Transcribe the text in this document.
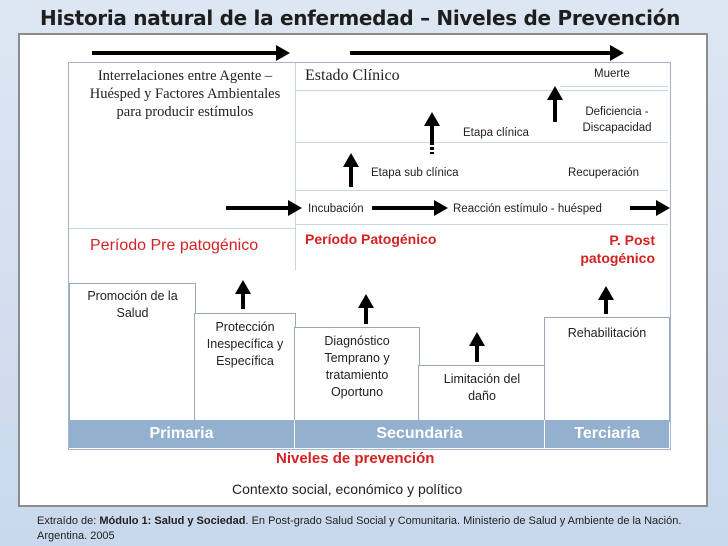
Historia natural de la enfermedad – Niveles de Prevención
Interrelaciones entre Agente – Huésped y Factores Ambientales para producir estímulos
Estado Clínico	Muerte
Deficiencia - Discapacidad
Etapa clínica
Etapa sub clínica	Recuperación
Incubación	Reacción estímulo - huésped
Período Pre patogénico	Período Patogénico	P. Post patogénico
Promoción de la Salud
Protección Inespecífica y Específica
Diagnóstico Temprano y tratamiento Oportuno
Limitación del daño
Rehabilitación
Primaria	Secundaria	Terciaria
Niveles de prevención
Contexto social, económico y político
Extraído de: Módulo 1: Salud y Sociedad. En Post-grado Salud Social y Comunitaria. Ministerio de Salud y Ambiente de la Nación. Argentina. 2005
